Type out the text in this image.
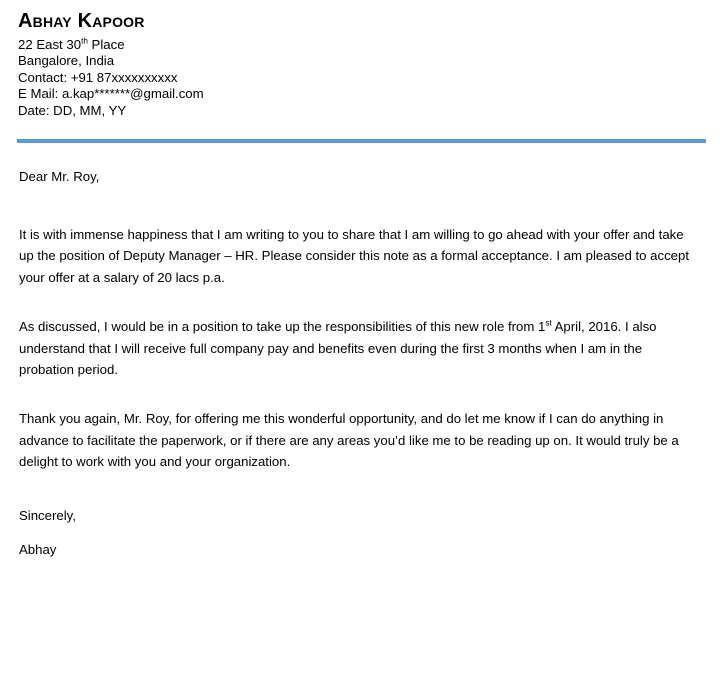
Abhay Kapoor
22 East 30th Place
Bangalore, India
Contact: +91 87xxxxxxxxxx
E Mail: a.kap*******@gmail.com
Date: DD, MM, YY
Dear Mr. Roy,
It is with immense happiness that I am writing to you to share that I am willing to go ahead with your offer and take up the position of Deputy Manager – HR. Please consider this note as a formal acceptance. I am pleased to accept your offer at a salary of 20 lacs p.a.
As discussed, I would be in a position to take up the responsibilities of this new role from 1st April, 2016. I also understand that I will receive full company pay and benefits even during the first 3 months when I am in the probation period.
Thank you again, Mr. Roy, for offering me this wonderful opportunity, and do let me know if I can do anything in advance to facilitate the paperwork, or if there are any areas you’d like me to be reading up on. It would truly be a delight to work with you and your organization.
Sincerely,
Abhay
